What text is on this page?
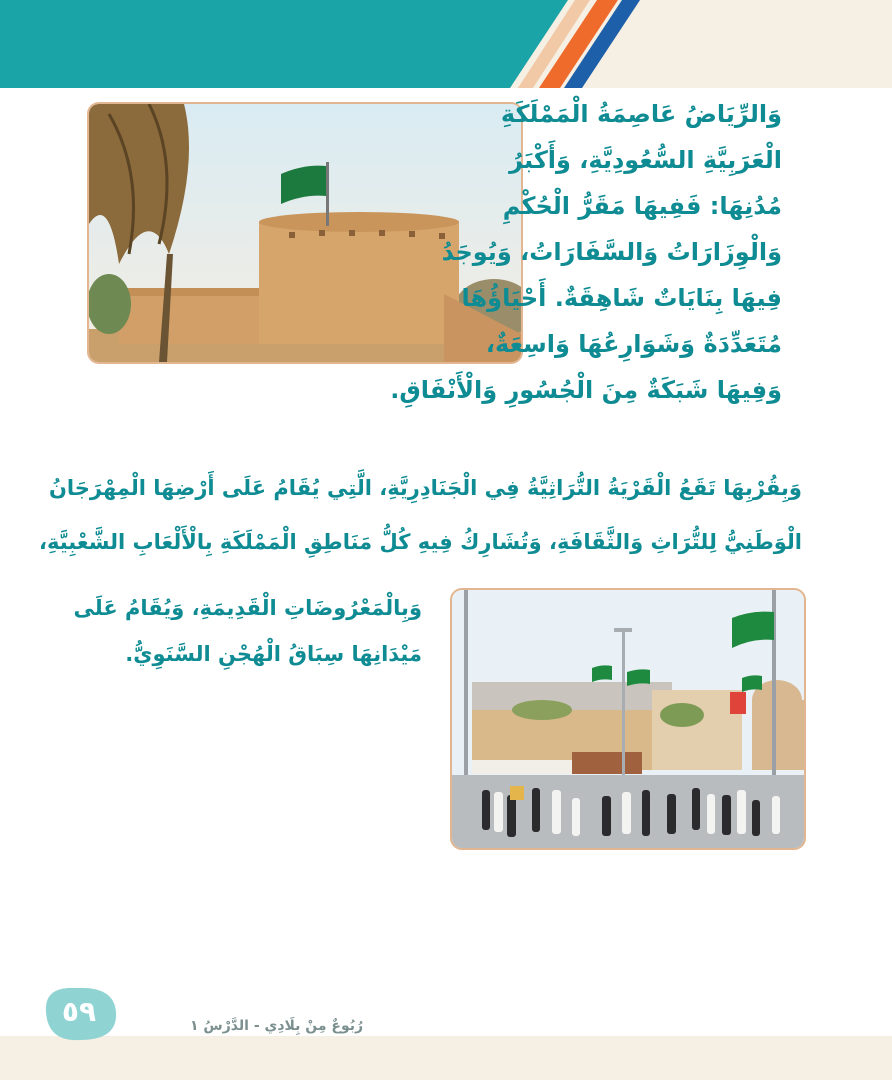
وَالرِّيَاضُ عَاصِمَةُ الْمَمْلَكَةِ
الْعَرَبِيَّةِ السُّعُودِيَّةِ، وَأَكْبَرُ
مُدُنِهَا: فَفِيهَا مَقَرُّ الْحُكْمِ
وَالْوِزَارَاتُ وَالسَّفَارَاتُ، وَيُوجَدُ
فِيهَا بِنَايَاتٌ شَاهِقَةٌ. أَحْيَاؤُهَا
مُتَعَدِّدَةٌ وَشَوَارِعُهَا وَاسِعَةٌ،
وَفِيهَا شَبَكَةٌ مِنَ الْجُسُورِ وَالْأَنْفَاقِ.
وَبِقُرْبِهَا تَقَعُ الْقَرْيَةُ التُّرَاثِيَّةُ فِي الْجَنَادِرِيَّةِ، الَّتِي يُقَامُ عَلَى أَرْضِهَا الْمِهْرَجَانُ
الْوَطَنِيُّ لِلتُّرَاثِ وَالثَّقَافَةِ، وَتُشَارِكُ فِيهِ كُلُّ مَنَاطِقِ الْمَمْلَكَةِ بِالْأَلْعَابِ الشَّعْبِيَّةِ،
وَبِالْمَعْرُوضَاتِ الْقَدِيمَةِ، وَيُقَامُ عَلَى
مَيْدَانِهَا سِبَاقُ الْهُجْنِ السَّنَوِيُّ.
٥٩	رُبُوعٌ مِنْ بِلَادِي - الدَّرْسُ ١
